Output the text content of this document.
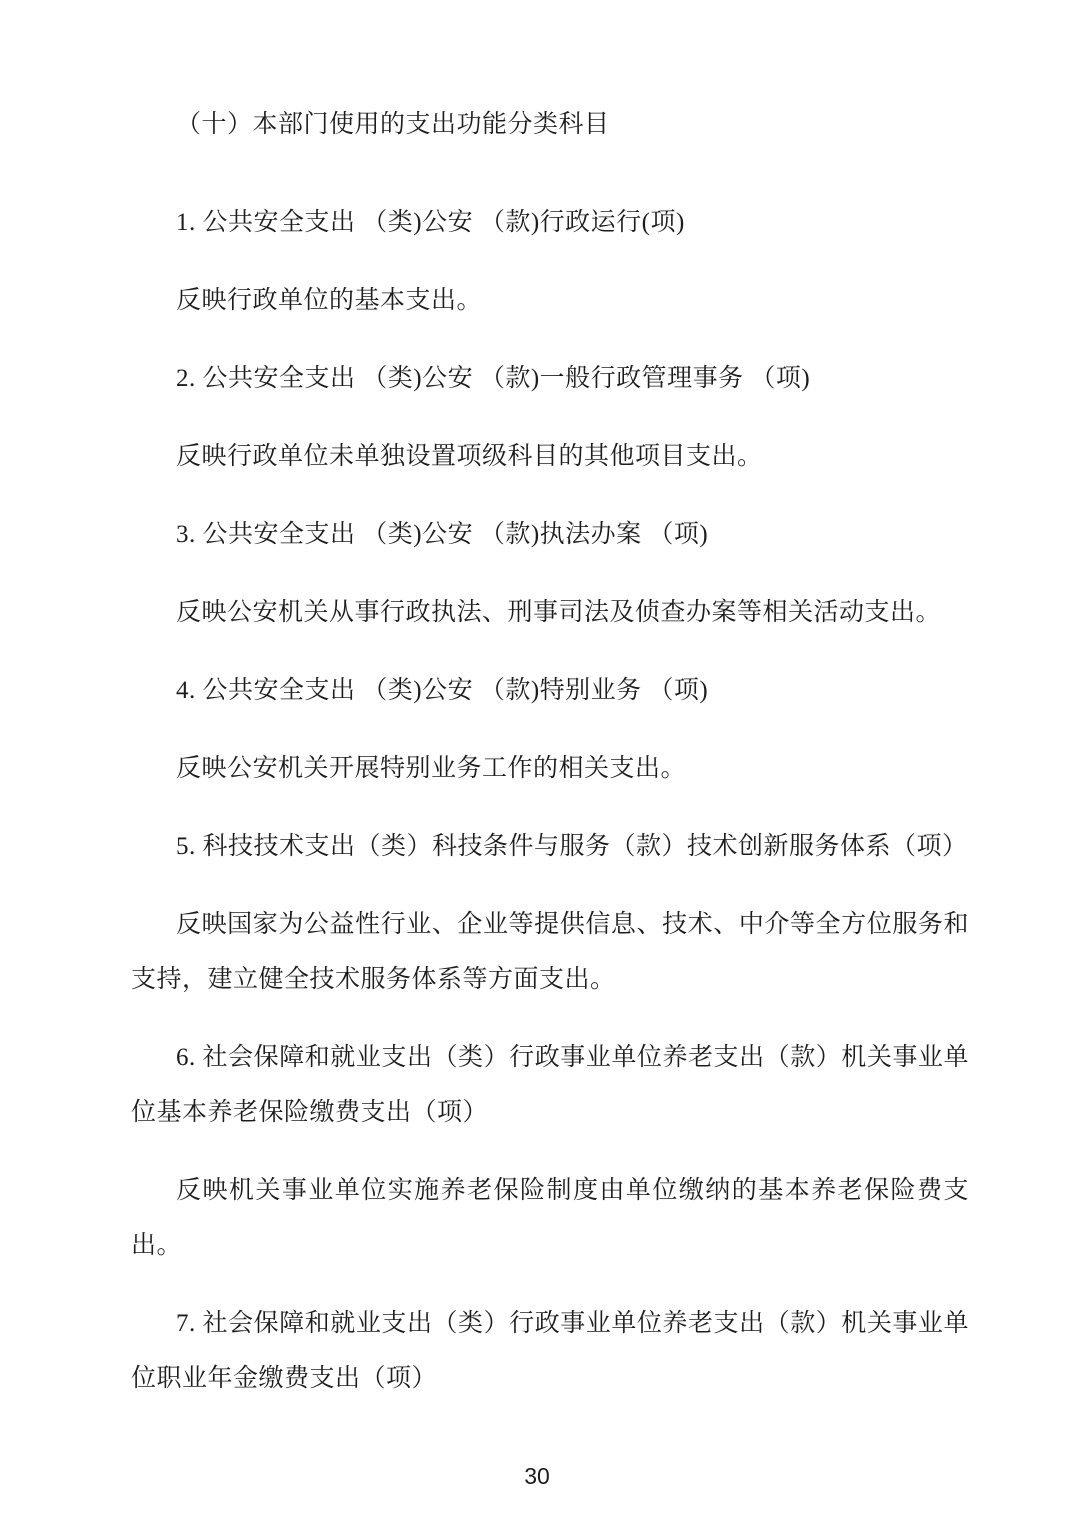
（十）本部门使用的支出功能分类科目

1. 公共安全支出 （类)公安 （款)行政运行(项)

反映行政单位的基本支出。

2. 公共安全支出 （类)公安 （款)一般行政管理事务 （项)

反映行政单位未单独设置项级科目的其他项目支出。

3. 公共安全支出 （类)公安 （款)执法办案 （项)

反映公安机关从事行政执法、刑事司法及侦查办案等相关活动支出。

4. 公共安全支出 （类)公安 （款)特别业务 （项)

反映公安机关开展特别业务工作的相关支出。

5. 科技技术支出（类）科技条件与服务（款）技术创新服务体系（项）

反映国家为公益性行业、企业等提供信息、技术、中介等全方位服务和支持，建立健全技术服务体系等方面支出。

6. 社会保障和就业支出（类）行政事业单位养老支出（款）机关事业单位基本养老保险缴费支出（项）

反映机关事业单位实施养老保险制度由单位缴纳的基本养老保险费支出。

7. 社会保障和就业支出（类）行政事业单位养老支出（款）机关事业单位职业年金缴费支出（项）

30
